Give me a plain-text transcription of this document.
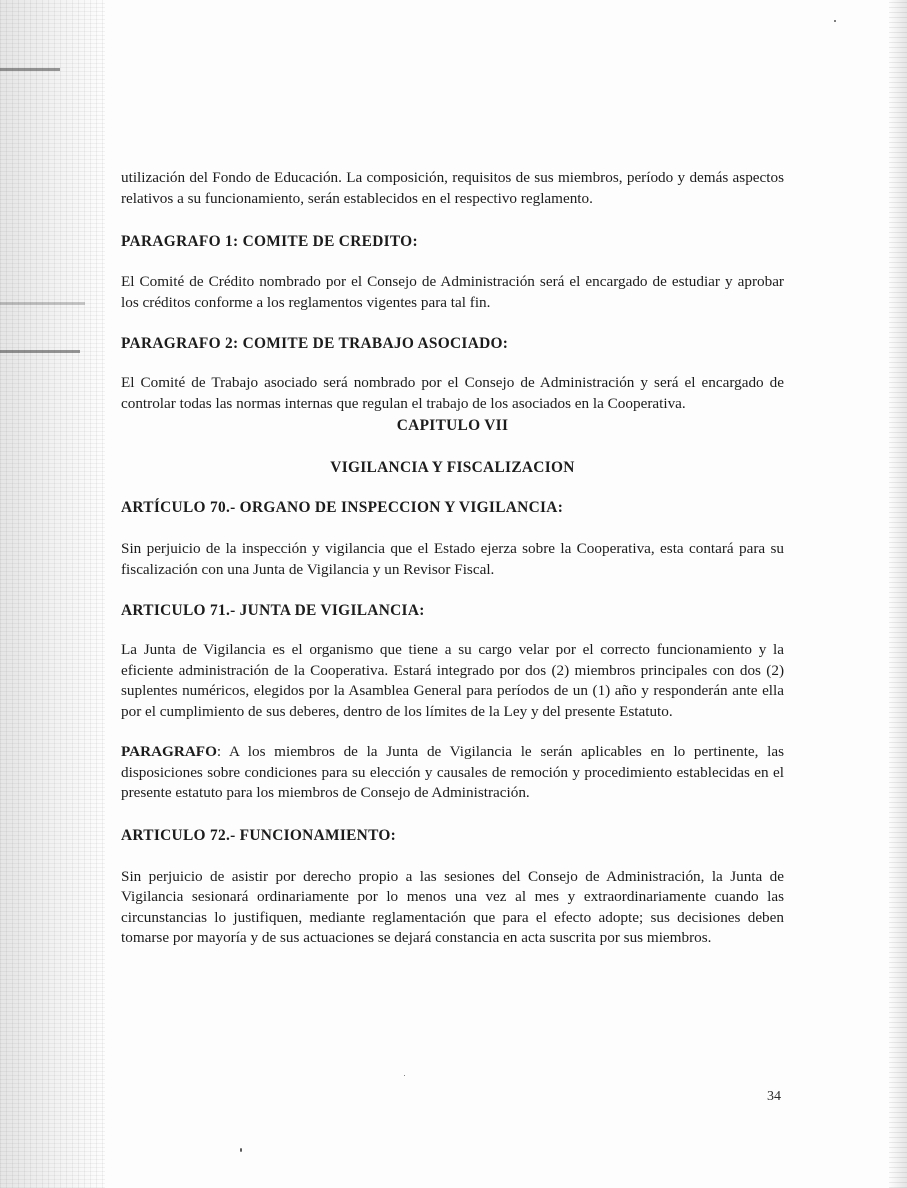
utilización del Fondo de Educación. La composición, requisitos de sus miembros, período y demás aspectos relativos a su funcionamiento, serán establecidos en el respectivo reglamento.

PARAGRAFO 1: COMITE DE CREDITO:

El Comité de Crédito nombrado por el Consejo de Administración será el encargado de estudiar y aprobar los créditos conforme a los reglamentos vigentes para tal fin.

PARAGRAFO 2: COMITE DE TRABAJO ASOCIADO:

El Comité de Trabajo asociado será nombrado por el Consejo de Administración y será el encargado de controlar todas las normas internas que regulan el trabajo de los asociados en la Cooperativa.

CAPITULO VII
VIGILANCIA Y FISCALIZACION
ARTÍCULO 70.- ORGANO DE INSPECCION Y VIGILANCIA:

Sin perjuicio de la inspección y vigilancia que el Estado ejerza sobre la Cooperativa, esta contará para su fiscalización con una Junta de Vigilancia y un Revisor Fiscal.

ARTICULO 71.- JUNTA DE VIGILANCIA:

La Junta de Vigilancia es el organismo que tiene a su cargo velar por el correcto funcionamiento y la eficiente administración de la Cooperativa. Estará integrado por dos (2) miembros principales con dos (2) suplentes numéricos, elegidos por la Asamblea General para períodos de un (1) año y responderán ante ella por el cumplimiento de sus deberes, dentro de los límites de la Ley y del presente Estatuto.

PARAGRAFO: A los miembros de la Junta de Vigilancia le serán aplicables en lo pertinente, las disposiciones sobre condiciones para su elección y causales de remoción y procedimiento establecidas en el presente estatuto para los miembros de Consejo de Administración.

ARTICULO 72.- FUNCIONAMIENTO:

Sin perjuicio de asistir por derecho propio a las sesiones del Consejo de Administración, la Junta de Vigilancia sesionará ordinariamente por lo menos una vez al mes y extraordinariamente cuando las circunstancias lo justifiquen, mediante reglamentación que para el efecto adopte; sus decisiones deben tomarse por mayoría y de sus actuaciones se dejará constancia en acta suscrita por sus miembros.

34
